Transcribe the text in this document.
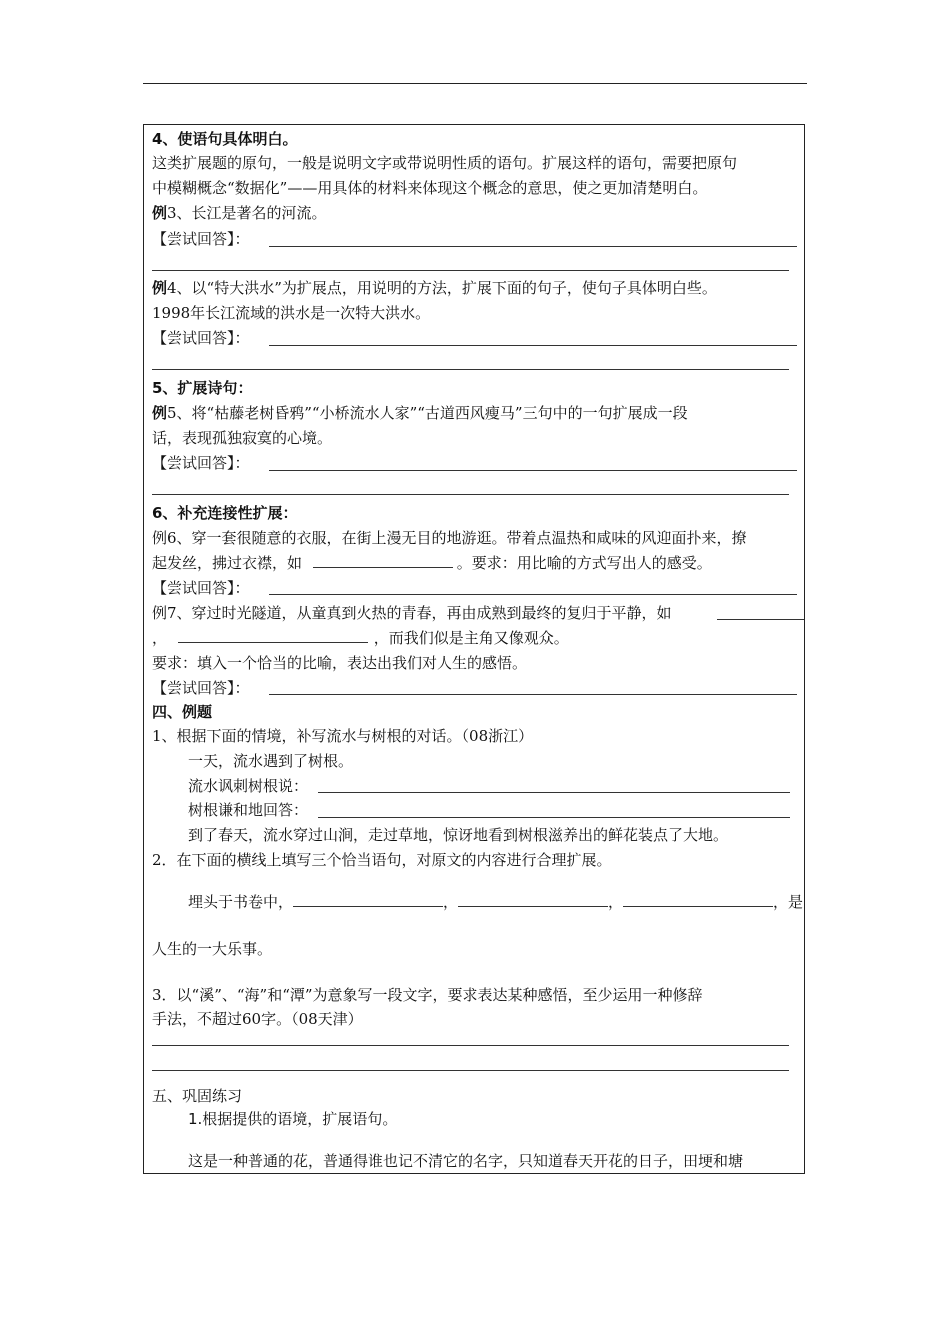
4、使语句具体明白。
这类扩展题的原句，一般是说明文字或带说明性质的语句。扩展这样的语句，需要把原句
中模糊概念“数据化”——用具体的材料来体现这个概念的意思，使之更加清楚明白。
例3、长江是著名的河流。
【尝试回答】：
例4、以“特大洪水”为扩展点，用说明的方法，扩展下面的句子，使句子具体明白些。
1998年长江流域的洪水是一次特大洪水。
【尝试回答】：
5、扩展诗句：
例5、将“枯藤老树昏鸦”“小桥流水人家”“古道西风瘦马”三句中的一句扩展成一段
话，表现孤独寂寞的心境。
【尝试回答】：
6、补充连接性扩展：
例6、穿一套很随意的衣服，在街上漫无目的地游逛。带着点温热和咸味的风迎面扑来，撩
起发丝，拂过衣襟，如	。要求：用比喻的方式写出人的感受。
【尝试回答】：
例7、穿过时光隧道，从童真到火热的青春，再由成熟到最终的复归于平静，如
，	，而我们似是主角又像观众。
要求：填入一个恰当的比喻，表达出我们对人生的感悟。
【尝试回答】：
四、例题
1、根据下面的情境，补写流水与树根的对话。（08浙江）
一天，流水遇到了树根。
流水讽刺树根说：
树根谦和地回答：
到了春天，流水穿过山涧，走过草地，惊讶地看到树根滋养出的鲜花装点了大地。
2．在下面的横线上填写三个恰当语句，对原文的内容进行合理扩展。
埋头于书卷中，	，	，	，是
人生的一大乐事。
3．以“溪”、“海”和“潭”为意象写一段文字，要求表达某种感悟，至少运用一种修辞
手法，不超过60字。（08天津）
五、巩固练习
1.根据提供的语境，扩展语句。
这是一种普通的花，普通得谁也记不清它的名字，只知道春天开花的日子，田埂和塘
